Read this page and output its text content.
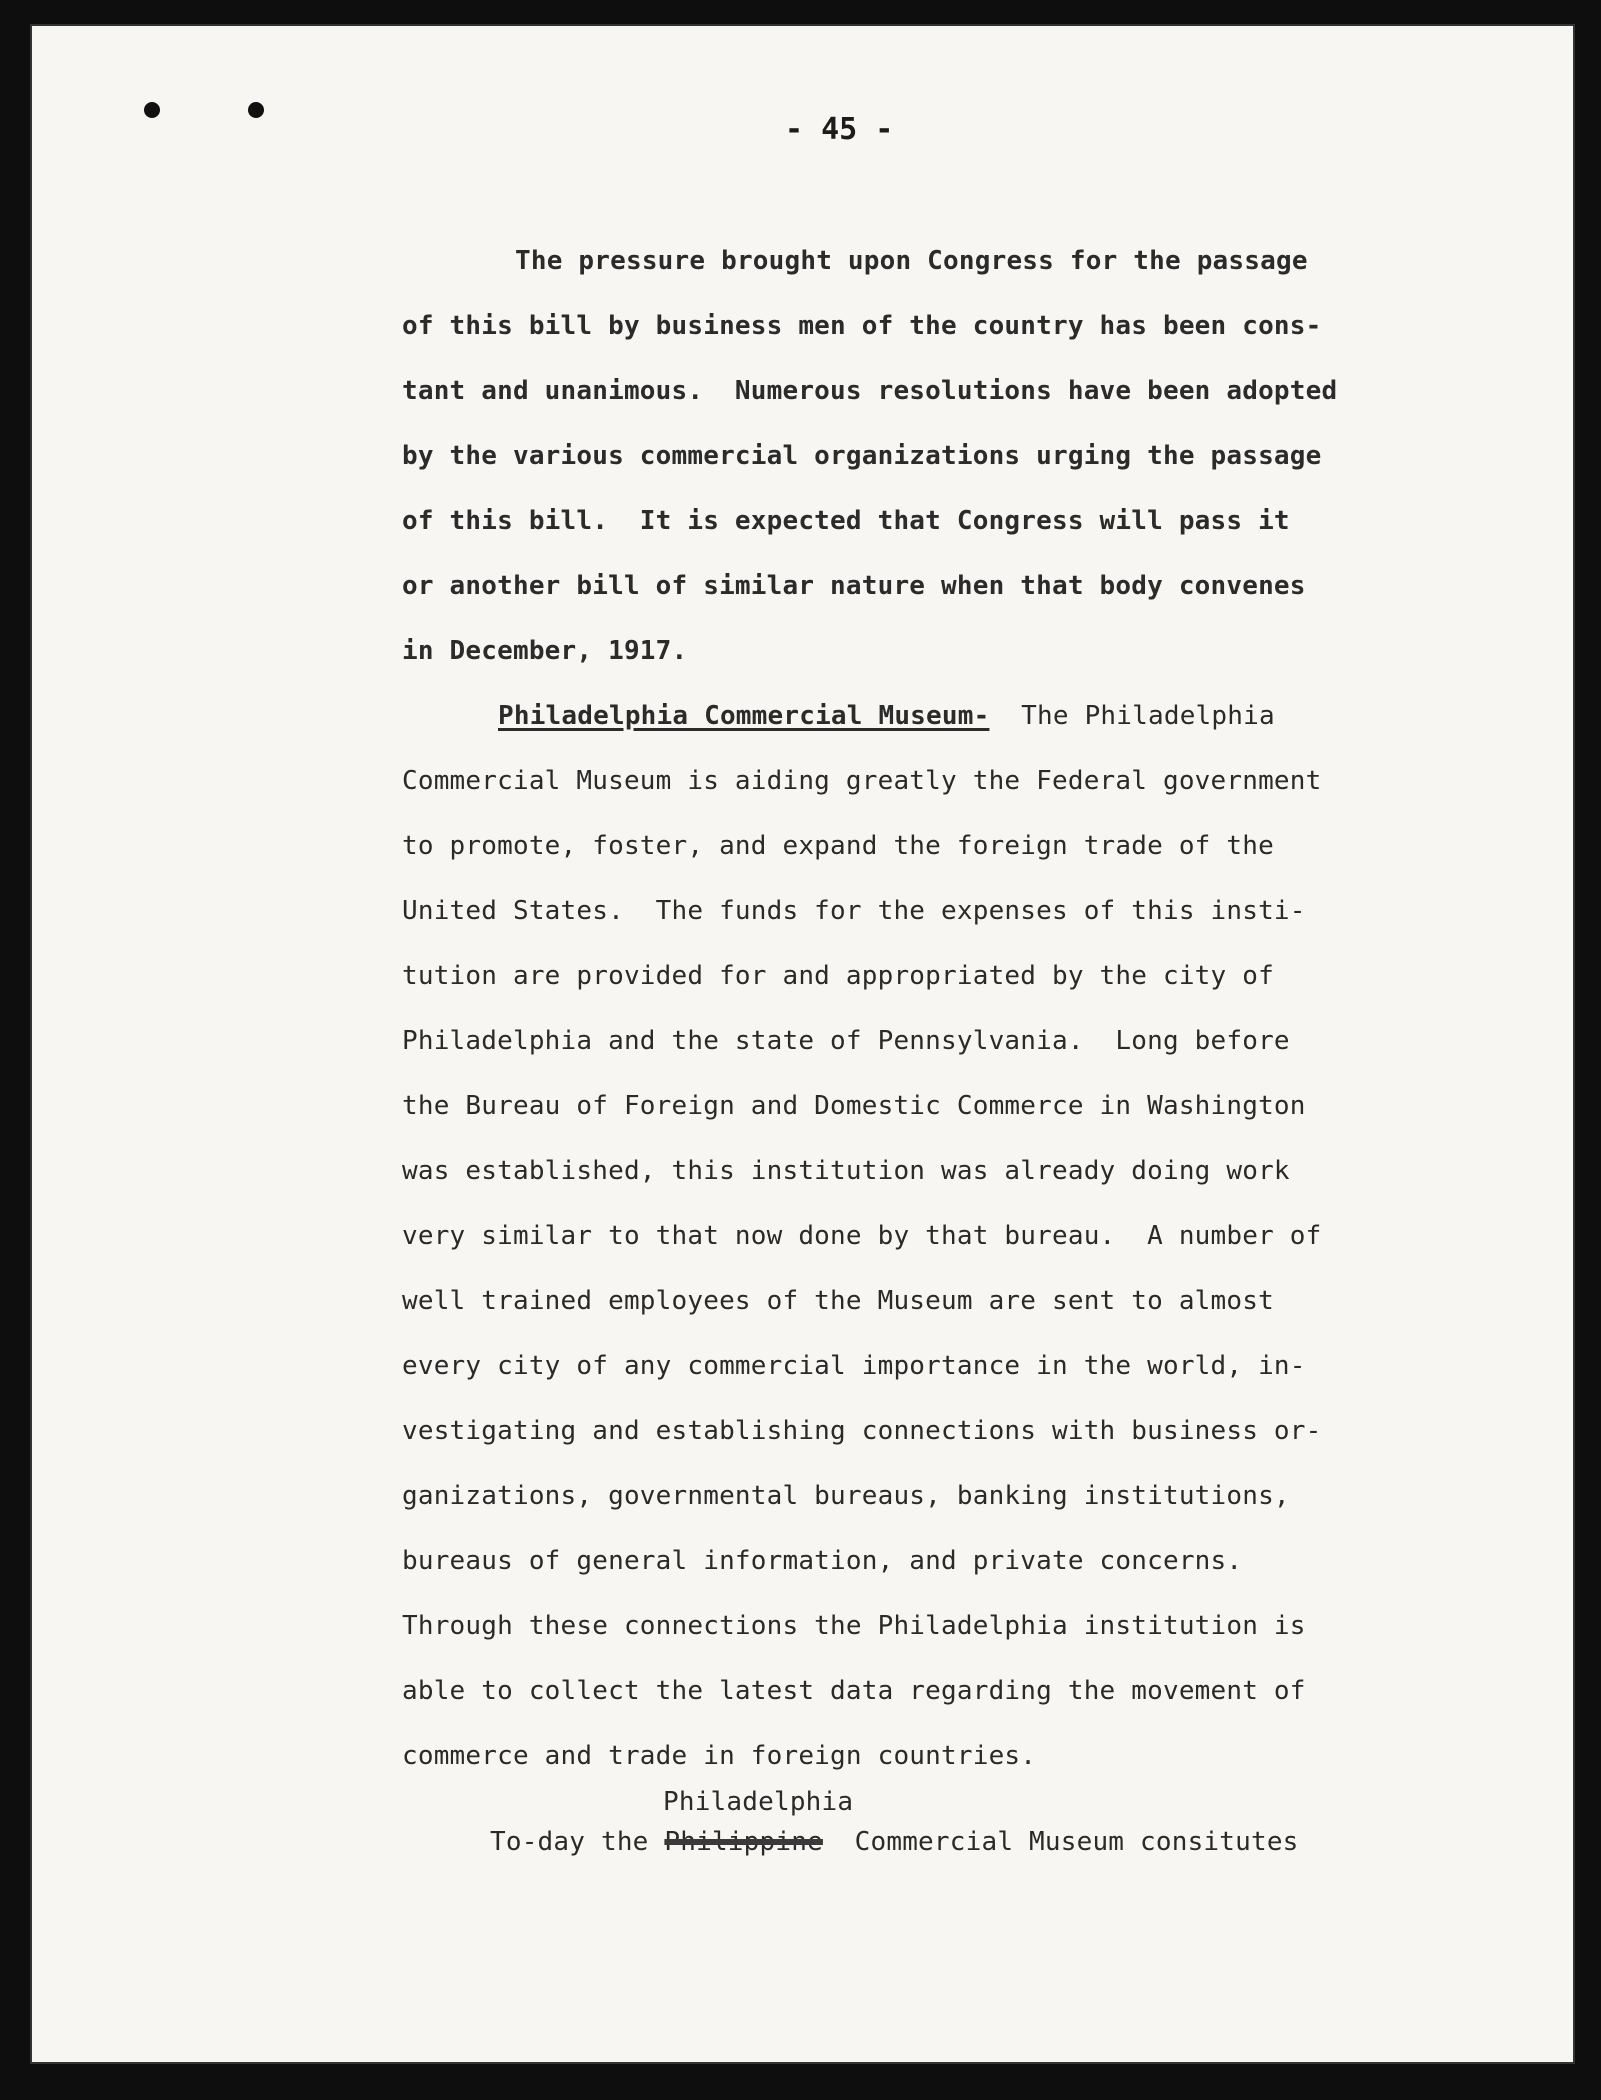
- 45 -

The pressure brought upon Congress for the passage

of this bill by business men of the country has been cons-

tant and unanimous.  Numerous resolutions have been adopted

by the various commercial organizations urging the passage

of this bill.  It is expected that Congress will pass it

or another bill of similar nature when that body convenes

in December, 1917.

Philadelphia Commercial Museum-  The Philadelphia

Commercial Museum is aiding greatly the Federal government

to promote, foster, and expand the foreign trade of the

United States.  The funds for the expenses of this insti-

tution are provided for and appropriated by the city of

Philadelphia and the state of Pennsylvania.  Long before

the Bureau of Foreign and Domestic Commerce in Washington

was established, this institution was already doing work

very similar to that now done by that bureau.  A number of

well trained employees of the Museum are sent to almost

every city of any commercial importance in the world, in-

vestigating and establishing connections with business or-

ganizations, governmental bureaus, banking institutions,

bureaus of general information, and private concerns.

Through these connections the Philadelphia institution is

able to collect the latest data regarding the movement of

commerce and trade in foreign countries.

Philadelphia

To-day the Philippine  Commercial Museum consitutes
